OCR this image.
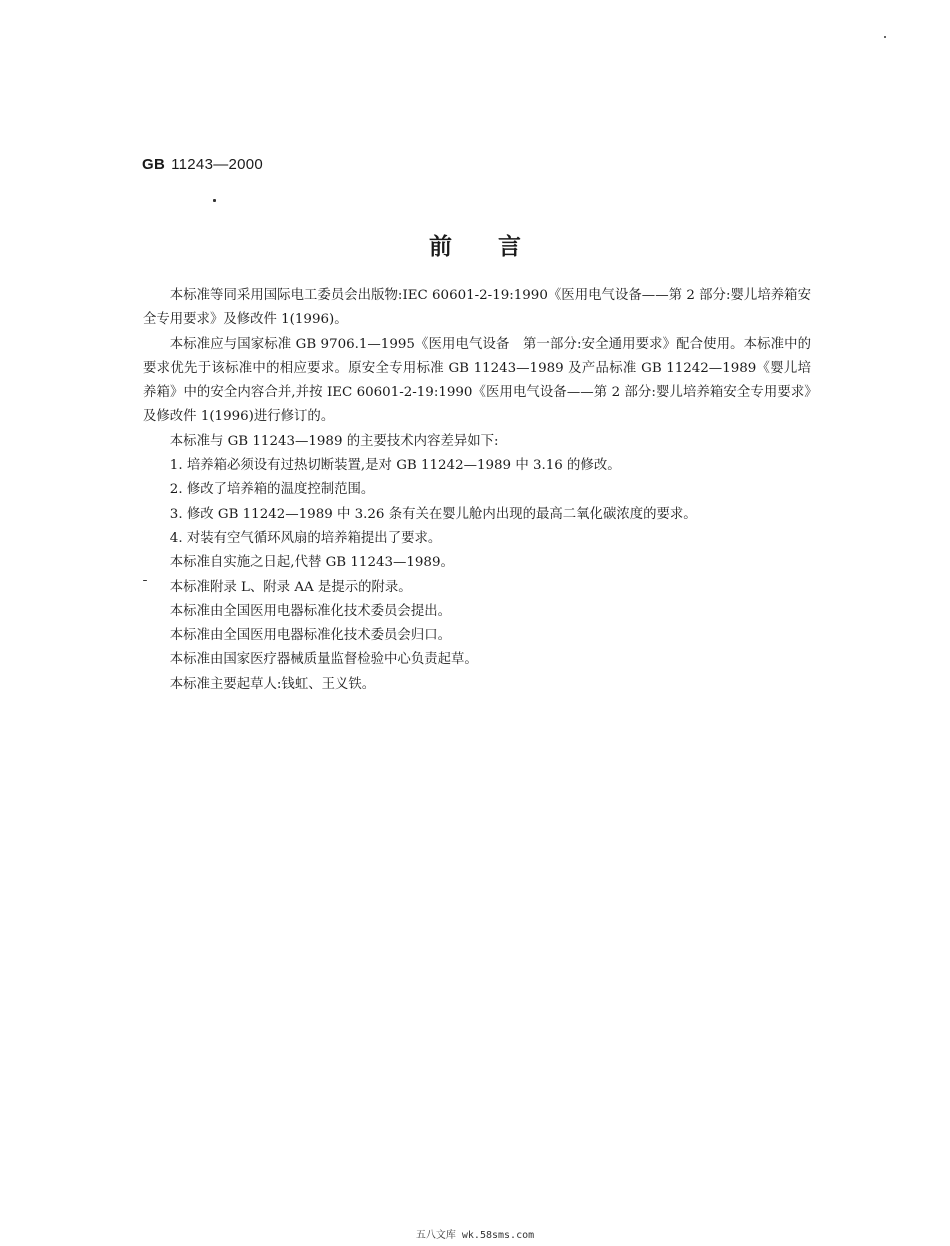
GB 11243—2000
前言

本标准等同采用国际电工委员会出版物:IEC 60601-2-19:1990《医用电气设备——第 2 部分:婴儿培养箱安全专用要求》及修改件 1(1996)。

本标准应与国家标准 GB 9706.1—1995《医用电气设备　第一部分:安全通用要求》配合使用。本标准中的要求优先于该标准中的相应要求。原安全专用标准 GB 11243—1989 及产品标准 GB 11242—1989《婴儿培养箱》中的安全内容合并,并按 IEC 60601-2-19:1990《医用电气设备——第 2 部分:婴儿培养箱安全专用要求》及修改件 1(1996)进行修订的。

本标准与 GB 11243—1989 的主要技术内容差异如下:

1. 培养箱必须设有过热切断装置,是对 GB 11242—1989 中 3.16 的修改。

2. 修改了培养箱的温度控制范围。

3. 修改 GB 11242—1989 中 3.26 条有关在婴儿舱内出现的最高二氧化碳浓度的要求。

4. 对装有空气循环风扇的培养箱提出了要求。

本标准自实施之日起,代替 GB 11243—1989。

本标准附录 L、附录 AA 是提示的附录。

本标准由全国医用电器标准化技术委员会提出。

本标准由全国医用电器标准化技术委员会归口。

本标准由国家医疗器械质量监督检验中心负责起草。

本标准主要起草人:钱虹、王义铁。

五八文库 wk.58sms.com
